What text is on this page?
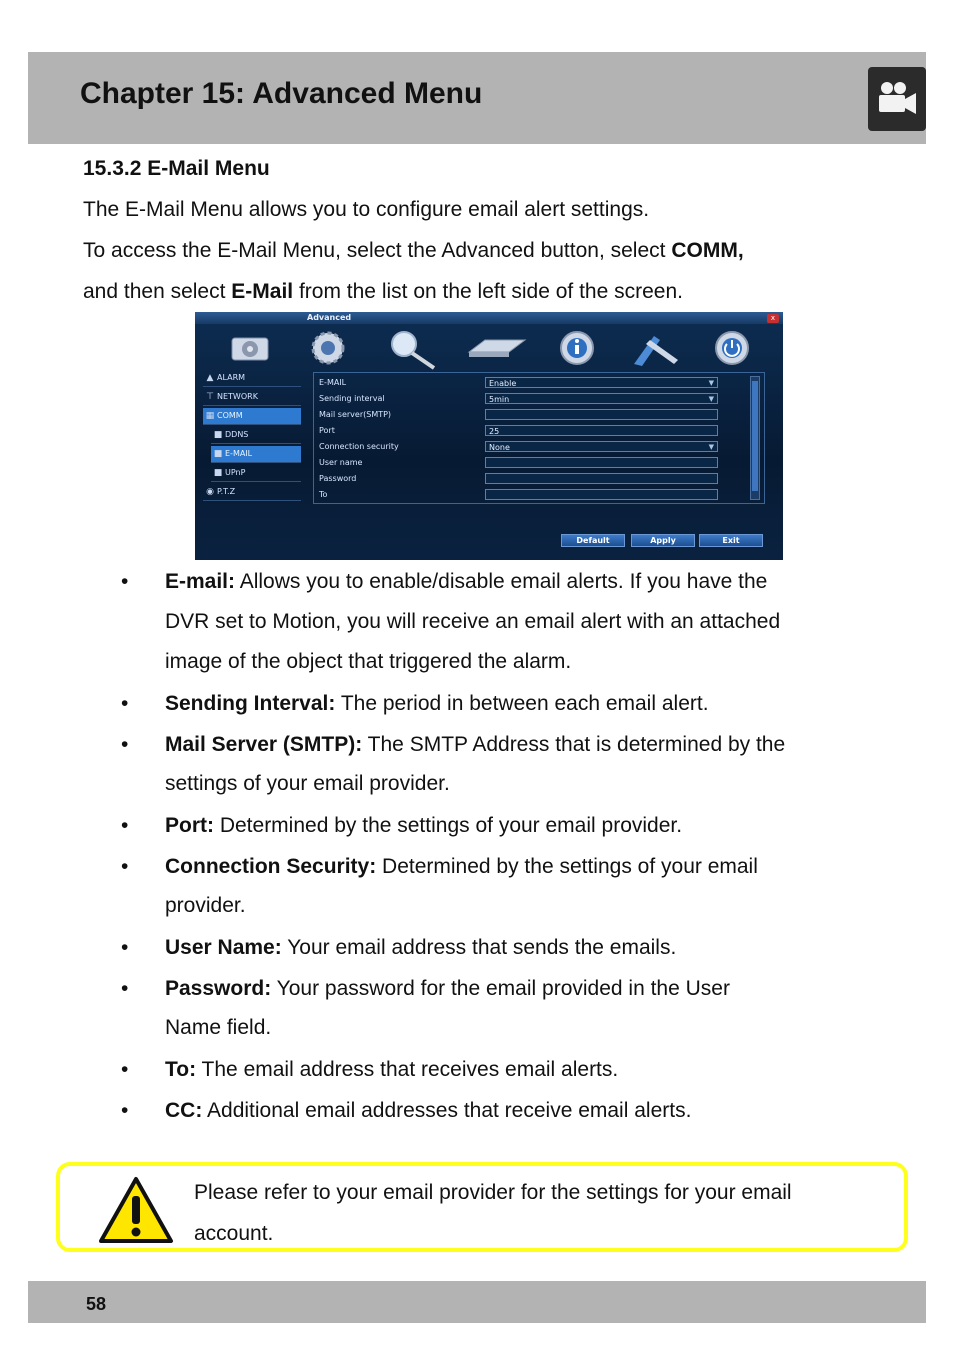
Chapter 15: Advanced Menu
15.3.2 E-Mail Menu
The E-Mail Menu allows you to configure email alert settings.
To access the E-Mail Menu, select the Advanced button, select COMM,
and then select E-Mail from the list on the left side of the screen.
Advanced	x
▲ ALARM
⊤ NETWORK
▦ COMM
■ DDNS
■ E-MAIL
■ UPnP
◉ P.T.Z
E-MAIL	Enable	▼
Sending interval	5min	▼
Mail server(SMTP)
Port	25
Connection security	None	▼
User name
Password
To
Default	Apply	Exit
• E-mail: Allows you to enable/disable email alerts. If you have the
DVR set to Motion, you will receive an email alert with an attached
image of the object that triggered the alarm.
• Sending Interval: The period in between each email alert.
• Mail Server (SMTP): The SMTP Address that is determined by the
settings of your email provider.
• Port: Determined by the settings of your email provider.
• Connection Security: Determined by the settings of your email
provider.
• User Name: Your email address that sends the emails.
• Password: Your password for the email provided in the User
Name field.
• To: The email address that receives email alerts.
• CC: Additional email addresses that receive email alerts.
Please refer to your email provider for the settings for your email
account.
58
